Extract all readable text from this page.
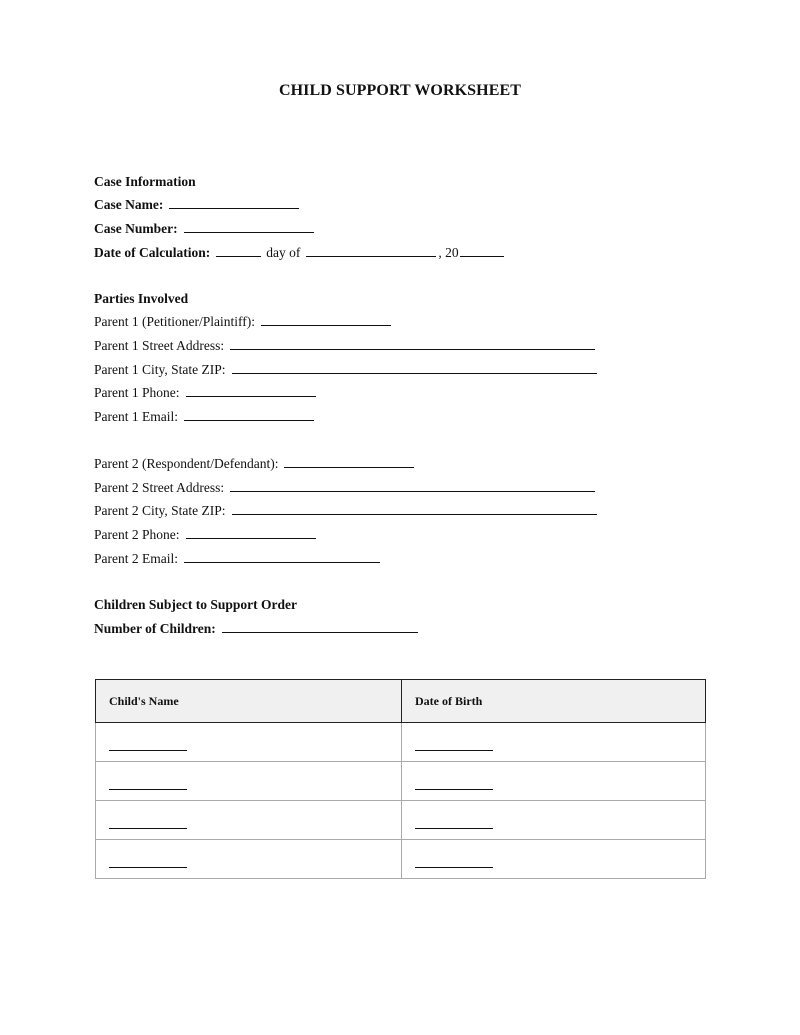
CHILD SUPPORT WORKSHEET
Case Information
Case Name:
Case Number:
Date of Calculation:	day of	, 20
Parties Involved
Parent 1 (Petitioner/Plaintiff):
Parent 1 Street Address:
Parent 1 City, State ZIP:
Parent 1 Phone:
Parent 1 Email:
Parent 2 (Respondent/Defendant):
Parent 2 Street Address:
Parent 2 City, State ZIP:
Parent 2 Phone:
Parent 2 Email:
Children Subject to Support Order
Number of Children:
Child's Name	Date of Birth
